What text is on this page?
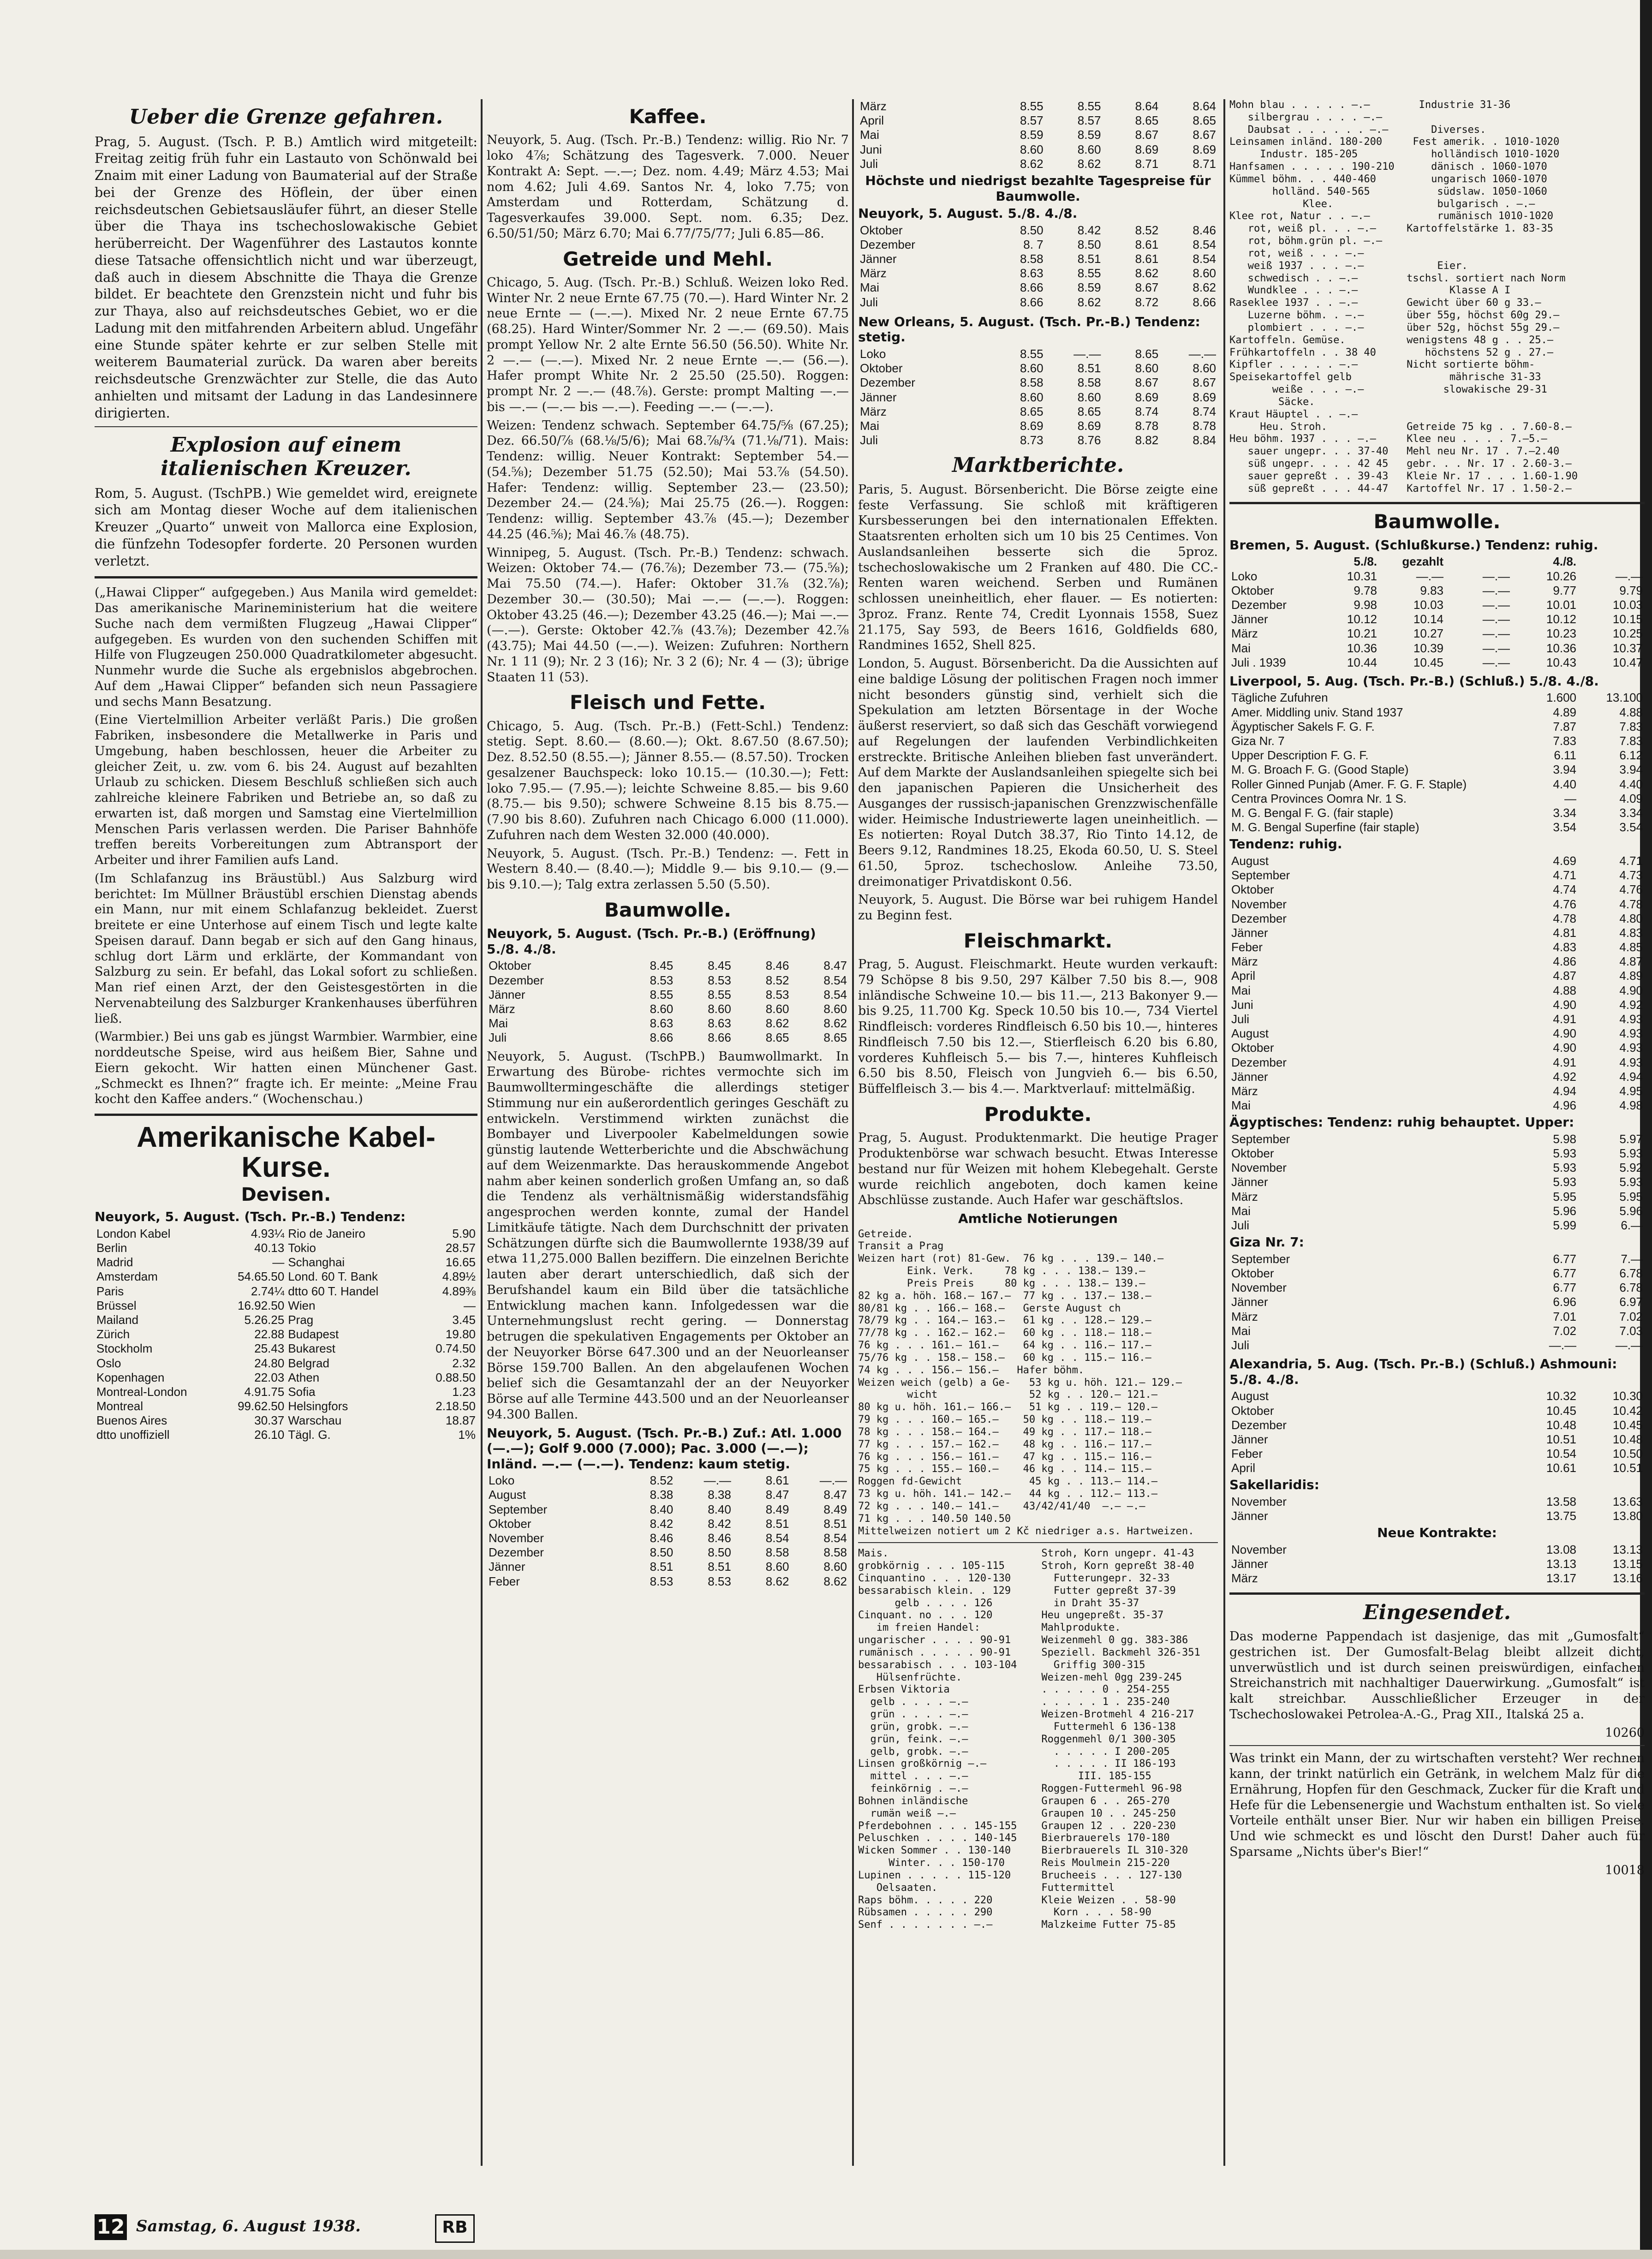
Ueber die Grenze gefahren.
Prag, 5. August. (Tsch. P. B.) Amtlich wird mitgeteilt: Freitag zeitig früh fuhr ein Lastauto von Schönwald bei Znaim mit einer Ladung von Baumaterial auf der Straße bei der Grenze des Höflein, der über einen reichsdeutschen Gebietsausläufer führt, an dieser Stelle über die Thaya ins tschechoslowakische Gebiet herüberreicht. Der Wagenführer des Lastautos konnte diese Tatsache offensichtlich nicht und war überzeugt, daß auch in diesem Abschnitte die Thaya die Grenze bildet. Er beachtete den Grenzstein nicht und fuhr bis zur Thaya, also auf reichsdeutsches Gebiet, wo er die Ladung mit den mitfahrenden Arbeitern ablud. Ungefähr eine Stunde später kehrte er zur selben Stelle mit weiterem Baumaterial zurück. Da waren aber bereits reichsdeutsche Grenzwächter zur Stelle, die das Auto anhielten und mitsamt der Ladung in das Landesinnere dirigierten.
Explosion auf einem italienischen Kreuzer.
Rom, 5. August. (TschPB.) Wie gemeldet wird, ereignete sich am Montag dieser Woche auf dem italienischen Kreuzer „Quarto“ unweit von Mallorca eine Explosion, die fünfzehn Todesopfer forderte. 20 Personen wurden verletzt.
(„Hawai Clipper“ aufgegeben.) Aus Manila wird gemeldet: Das amerikanische Marineministerium hat die weitere Suche nach dem vermißten Flugzeug „Hawai Clipper“ aufgegeben. Es wurden von den suchenden Schiffen mit Hilfe von Flugzeugen 250.000 Quadratkilometer abgesucht. Nunmehr wurde die Suche als ergebnislos abgebrochen. Auf dem „Hawai Clipper“ befanden sich neun Passagiere und sechs Mann Besatzung.
(Eine Viertelmillion Arbeiter verläßt Paris.) Die großen Fabriken, insbesondere die Metallwerke in Paris und Umgebung, haben beschlossen, heuer die Arbeiter zu gleicher Zeit, u. zw. vom 6. bis 24. August auf bezahlten Urlaub zu schicken. Diesem Beschluß schließen sich auch zahlreiche kleinere Fabriken und Betriebe an, so daß zu erwarten ist, daß morgen und Samstag eine Viertelmillion Menschen Paris verlassen werden. Die Pariser Bahnhöfe treffen bereits Vorbereitungen zum Abtransport der Arbeiter und ihrer Familien aufs Land.
(Im Schlafanzug ins Bräustübl.) Aus Salzburg wird berichtet: Im Müllner Bräustübl erschien Dienstag abends ein Mann, nur mit einem Schlafanzug bekleidet. Zuerst breitete er eine Unterhose auf einem Tisch und legte kalte Speisen darauf. Dann begab er sich auf den Gang hinaus, schlug dort Lärm und erklärte, der Kommandant von Salzburg zu sein. Er befahl, das Lokal sofort zu schließen. Man rief einen Arzt, der den Geistesgestörten in die Nervenabteilung des Salzburger Krankenhauses überführen ließ.
(Warmbier.) Bei uns gab es jüngst Warmbier. Warmbier, eine norddeutsche Speise, wird aus heißem Bier, Sahne und Eiern gekocht. Wir hatten einen Münchener Gast. „Schmeckt es Ihnen?“ fragte ich. Er meinte: „Meine Frau kocht den Kaffee anders.“ (Wochenschau.)
Amerikanische Kabel-Kurse.
Devisen.
Neuyork, 5. August. (Tsch. Pr.-B.) Tendenz:
London Kabel	4.93¼	Rio de Janeiro	5.90
Berlin	40.13	Tokio	28.57
Madrid	—	Schanghai	16.65
Amsterdam	54.65.50	Lond. 60 T. Bank	4.89½
Paris	2.74¼	dtto 60 T. Handel	4.89⅜
Brüssel	16.92.50	Wien	—
Mailand	5.26.25	Prag	3.45
Zürich	22.88	Budapest	19.80
Stockholm	25.43	Bukarest	0.74.50
Oslo	24.80	Belgrad	2.32
Kopenhagen	22.03	Athen	0.88.50
Montreal-London	4.91.75	Sofia	1.23
Montreal	99.62.50	Helsingfors	2.18.50
Buenos Aires	30.37	Warschau	18.87
dtto unoffiziell	26.10	Tägl. G.	1%
Kaffee.
Neuyork, 5. Aug. (Tsch. Pr.-B.) Tendenz: willig. Rio Nr. 7 loko 4⅞; Schätzung des Tagesverk. 7.000. Neuer Kontrakt A: Sept. —.—; Dez. nom. 4.49; März 4.53; Mai nom 4.62; Juli 4.69. Santos Nr. 4, loko 7.75; von Amsterdam und Rotterdam, Schätzung d. Tagesverkaufes 39.000. Sept. nom. 6.35; Dez. 6.50/51/50; März 6.70; Mai 6.77/75/77; Juli 6.85—86.
Getreide und Mehl.
Chicago, 5. Aug. (Tsch. Pr.-B.) Schluß. Weizen loko Red. Winter Nr. 2 neue Ernte 67.75 (70.—). Hard Winter Nr. 2 neue Ernte — (—.—). Mixed Nr. 2 neue Ernte 67.75 (68.25). Hard Winter/Sommer Nr. 2 —.— (69.50). Mais prompt Yellow Nr. 2 alte Ernte 56.50 (56.50). White Nr. 2 —.— (—.—). Mixed Nr. 2 neue Ernte —.— (56.—). Hafer prompt White Nr. 2 25.50 (25.50). Roggen: prompt Nr. 2 —.— (48.⅞). Gerste: prompt Malting —.— bis —.— (—.— bis —.—). Feeding —.— (—.—).
Weizen: Tendenz schwach. September 64.75/⅝ (67.25); Dez. 66.50/⅞ (68.⅛/5/6); Mai 68.⅞/¾ (71.⅛/71). Mais: Tendenz: willig. Neuer Kontrakt: September 54.— (54.⅝); Dezember 51.75 (52.50); Mai 53.⅞ (54.50). Hafer: Tendenz: willig. September 23.— (23.50); Dezember 24.— (24.⅝); Mai 25.75 (26.—). Roggen: Tendenz: willig. September 43.⅞ (45.—); Dezember 44.25 (46.⅝); Mai 46.⅞ (48.75).
Winnipeg, 5. August. (Tsch. Pr.-B.) Tendenz: schwach. Weizen: Oktober 74.— (76.⅞); Dezember 73.— (75.⅝); Mai 75.50 (74.—). Hafer: Oktober 31.⅞ (32.⅞); Dezember 30.— (30.50); Mai —.— (—.—). Roggen: Oktober 43.25 (46.—); Dezember 43.25 (46.—); Mai —.— (—.—). Gerste: Oktober 42.⅞ (43.⅞); Dezember 42.⅞ (43.75); Mai 44.50 (—.—). Weizen: Zufuhren: Northern Nr. 1 11 (9); Nr. 2 3 (16); Nr. 3 2 (6); Nr. 4 — (3); übrige Staaten 11 (53).
Fleisch und Fette.
Chicago, 5. Aug. (Tsch. Pr.-B.) (Fett-Schl.) Tendenz: stetig. Sept. 8.60.— (8.60.—); Okt. 8.67.50 (8.67.50); Dez. 8.52.50 (8.55.—); Jänner 8.55.— (8.57.50). Trocken gesalzener Bauchspeck: loko 10.15.— (10.30.—); Fett: loko 7.95.— (7.95.—); leichte Schweine 8.85.— bis 9.60 (8.75.— bis 9.50); schwere Schweine 8.15 bis 8.75.— (7.90 bis 8.60). Zufuhren nach Chicago 6.000 (11.000). Zufuhren nach dem Westen 32.000 (40.000).
Neuyork, 5. August. (Tsch. Pr.-B.) Tendenz: —. Fett in Western 8.40.— (8.40.—); Middle 9.— bis 9.10.— (9.— bis 9.10.—); Talg extra zerlassen 5.50 (5.50).
Baumwolle.
Neuyork, 5. August. (Tsch. Pr.-B.) (Eröffnung) 5./8. 4./8.
Oktober	8.45	8.45	8.46	8.47
Dezember	8.53	8.53	8.52	8.54
Jänner	8.55	8.55	8.53	8.54
März	8.60	8.60	8.60	8.60
Mai	8.63	8.63	8.62	8.62
Juli	8.66	8.66	8.65	8.65
Neuyork, 5. August. (TschPB.) Baumwollmarkt. In Erwartung des Bürobe- richtes vermochte sich im Baumwolltermingeschäfte die allerdings stetiger Stimmung nur ein außerordentlich geringes Geschäft zu entwickeln. Verstimmend wirkten zunächst die Bombayer und Liverpooler Kabelmeldungen sowie günstig lautende Wetterberichte und die Abschwächung auf dem Weizenmarkte. Das herauskommende Angebot nahm aber keinen sonderlich großen Umfang an, so daß die Tendenz als verhältnismäßig widerstandsfähig angesprochen werden konnte, zumal der Handel Limitkäufe tätigte. Nach dem Durchschnitt der privaten Schätzungen dürfte sich die Baumwollernte 1938/39 auf etwa 11,275.000 Ballen beziffern. Die einzelnen Berichte lauten aber derart unterschiedlich, daß sich der Berufshandel kaum ein Bild über die tatsächliche Entwicklung machen kann. Infolgedessen war die Unternehmungslust recht gering. — Donnerstag betrugen die spekulativen Engagements per Oktober an der Neuyorker Börse 647.300 und an der Neuorleanser Börse 159.700 Ballen. An den abgelaufenen Wochen belief sich die Gesamtanzahl der an der Neuyorker Börse auf alle Termine 443.500 und an der Neuorleanser 94.300 Ballen.
Neuyork, 5. August. (Tsch. Pr.-B.) Zuf.: Atl. 1.000 (—.—); Golf 9.000 (7.000); Pac. 3.000 (—.—); Inländ. —.— (—.—). Tendenz: kaum stetig.
Loko	8.52	—.—	8.61	—.—
August	8.38	8.38	8.47	8.47
September	8.40	8.40	8.49	8.49
Oktober	8.42	8.42	8.51	8.51
November	8.46	8.46	8.54	8.54
Dezember	8.50	8.50	8.58	8.58
Jänner	8.51	8.51	8.60	8.60
Feber	8.53	8.53	8.62	8.62
März	8.55	8.55	8.64	8.64
April	8.57	8.57	8.65	8.65
Mai	8.59	8.59	8.67	8.67
Juni	8.60	8.60	8.69	8.69
Juli	8.62	8.62	8.71	8.71
Höchste und niedrigst bezahlte Tagespreise für Baumwolle.
Neuyork, 5. August. 5./8. 4./8.
Oktober	8.50	8.42	8.52	8.46
Dezember	8. 7	8.50	8.61	8.54
Jänner	8.58	8.51	8.61	8.54
März	8.63	8.55	8.62	8.60
Mai	8.66	8.59	8.67	8.62
Juli	8.66	8.62	8.72	8.66
New Orleans, 5. August. (Tsch. Pr.-B.) Tendenz: stetig.
Loko	8.55	—.—	8.65	—.—
Oktober	8.60	8.51	8.60	8.60
Dezember	8.58	8.58	8.67	8.67
Jänner	8.60	8.60	8.69	8.69
März	8.65	8.65	8.74	8.74
Mai	8.69	8.69	8.78	8.78
Juli	8.73	8.76	8.82	8.84
Marktberichte.
Paris, 5. August. Börsenbericht. Die Börse zeigte eine feste Verfassung. Sie schloß mit kräftigeren Kursbesserungen bei den internationalen Effekten. Staatsrenten erholten sich um 10 bis 25 Centimes. Von Auslandsanleihen besserte sich die 5proz. tschechoslowakische um 2 Franken auf 480. Die CC.-Renten waren weichend. Serben und Rumänen schlossen uneinheitlich, eher flauer. — Es notierten: 3proz. Franz. Rente 74, Credit Lyonnais 1558, Suez 21.175, Say 593, de Beers 1616, Goldfields 680, Randmines 1652, Shell 825.
London, 5. August. Börsenbericht. Da die Aussichten auf eine baldige Lösung der politischen Fragen noch immer nicht besonders günstig sind, verhielt sich die Spekulation am letzten Börsentage in der Woche äußerst reserviert, so daß sich das Geschäft vorwiegend auf Regelungen der laufenden Verbindlichkeiten erstreckte. Britische Anleihen blieben fast unverändert. Auf dem Markte der Auslandsanleihen spiegelte sich bei den japanischen Papieren die Unsicherheit des Ausganges der russisch-japanischen Grenzzwischenfälle wider. Heimische Industriewerte lagen uneinheitlich. — Es notierten: Royal Dutch 38.37, Rio Tinto 14.12, de Beers 9.12, Randmines 18.25, Ekoda 60.50, U. S. Steel 61.50, 5proz. tschechoslow. Anleihe 73.50, dreimonatiger Privatdiskont 0.56.
Neuyork, 5. August. Die Börse war bei ruhigem Handel zu Beginn fest.
Fleischmarkt.
Prag, 5. August. Fleischmarkt. Heute wurden verkauft: 79 Schöpse 8 bis 9.50, 297 Kälber 7.50 bis 8.—, 908 inländische Schweine 10.— bis 11.—, 213 Bakonyer 9.— bis 9.25, 11.700 Kg. Speck 10.50 bis 10.—, 734 Viertel Rindfleisch: vorderes Rindfleisch 6.50 bis 10.—, hinteres Rindfleisch 7.50 bis 12.—, Stierfleisch 6.20 bis 6.80, vorderes Kuhfleisch 5.— bis 7.—, hinteres Kuhfleisch 6.50 bis 8.50, Fleisch von Jungvieh 6.— bis 6.50, Büffelfleisch 3.— bis 4.—. Marktverlauf: mittelmäßig.
Produkte.
Prag, 5. August. Produktenmarkt. Die heutige Prager Produktenbörse war schwach besucht. Etwas Interesse bestand nur für Weizen mit hohem Klebegehalt. Gerste wurde reichlich angeboten, doch kamen keine Abschlüsse zustande. Auch Hafer war geschäftslos.
Amtliche Notierungen
Getreide.
Transit a Prag
Weizen hart (rot) 81-Gew.  76 kg . . . 139.— 140.—
Eink. Verk.     78 kg . . . 138.— 139.—
Preis Preis     80 kg . . . 138.— 139.—
82 kg a. höh. 168.— 167.—  77 kg . . 137.— 138.—
80/81 kg . . 166.— 168.—   Gerste August ch
78/79 kg . . 164.— 163.—   61 kg . . 128.— 129.—
77/78 kg . . 162.— 162.—   60 kg . . 118.— 118.—
76 kg . . . 161.— 161.—    64 kg . . 116.— 117.—
75/76 kg . . 158.— 158.—   60 kg . . 115.— 116.—
74 kg . . . 156.— 156.—   Hafer böhm.
Weizen weich (gelb) a Ge-   53 kg u. höh. 121.— 129.—
wicht               52 kg . . 120.— 121.—
80 kg u. höh. 161.— 166.—   51 kg . . 119.— 120.—
79 kg . . . 160.— 165.—    50 kg . . 118.— 119.—
78 kg . . . 158.— 164.—    49 kg . . 117.— 118.—
77 kg . . . 157.— 162.—    48 kg . . 116.— 117.—
76 kg . . . 156.— 161.—    47 kg . . 115.— 116.—
75 kg . . . 155.— 160.—    46 kg . . 114.— 115.—
Roggen fd-Gewicht           45 kg . . 113.— 114.—
73 kg u. höh. 141.— 142.—   44 kg . . 112.— 113.—
72 kg . . . 140.— 141.—    43/42/41/40  —.— —.—
71 kg . . . 140.50 140.50
Mittelweizen notiert um 2 Kč niedriger a.s. Hartweizen.
Mais.                         Stroh, Korn ungepr. 41-43
grobkörnig . . . 105-115      Stroh, Korn gepreßt 38-40
Cinquantino . . . 120-130       Futterungepr. 32-33
bessarabisch klein. . 129       Futter gepreßt 37-39
gelb . . . . 126          in Draht 35-37
Cinquant. no . . . 120        Heu ungepreßt. 35-37
im freien Handel:          Mahlprodukte.
ungarischer . . . . 90-91     Weizenmehl 0 gg. 383-386
rumänisch . . . . . 90-91     Speziell. Backmehl 326-351
bessarabisch . . . 103-104      Griffig 300-315
Hülsenfrüchte.             Weizen-mehl 0gg 239-245
Erbsen Viktoria               . . . . . 0 . 254-255
gelb . . . . —.—            . . . . . 1 . 235-240
grün . . . . —.—            Weizen-Brotmehl 4 216-217
grün, grobk. —.—              Futtermehl 6 136-138
grün, feink. —.—            Roggenmehl 0/1 300-305
gelb, grobk. —.—              . . . . . I 200-205
Linsen großkörnig —.—           . . . . . II 186-193
mittel . . . —.—                  III. 185-155
feinkörnig . —.—            Roggen-Futtermehl 96-98
Bohnen inländische            Graupen 6 . . 265-270
rumän weiß —.—              Graupen 10 . . 245-250
Pferdebohnen . . . 145-155    Graupen 12 . . 220-230
Peluschken . . . . 140-145    Bierbrauerels 170-180
Wicken Sommer . . 130-140     Bierbrauerels IL 310-320
Winter. . . 150-170      Reis Moulmein 215-220
Lupinen . . . . . 115-120     Brucheeis . . . 127-130
Oelsaaten.                 Futtermittel
Raps böhm. . . . . 220        Kleie Weizen . . 58-90
Rübsamen . . . . . 290          Korn . . . 58-90
Senf . . . . . . . —.—        Malzkeime Futter 75-85
Mohn blau . . . . . —.—        Industrie 31-36
silbergrau . . . . —.—
Daubsat . . . . . . —.—       Diverses.
Leinsamen inländ. 180-200     Fest amerik. . 1010-1020
Industr. 185-205            holländisch 1010-1020
Hanfsamen . . . . . 190-210      dänisch . 1060-1070
Kümmel böhm. . . 440-460         ungarisch 1060-1070
holländ. 540-565           südslaw. 1050-1060
Klee.                 bulgarisch . —.—
Klee rot, Natur . . —.—           rumänisch 1010-1020
rot, weiß pl. . . —.—     Kartoffelstärke 1. 83-35
rot, böhm.grün pl. —.—
rot, weiß . . . —.—
weiß 1937 . . . —.—            Eier.
schwedisch . . —.—        tschsl. sortiert nach Norm
Wundklee . . . —.—               Klasse A I
Raseklee 1937 . . —.—        Gewicht über 60 g 33.—
Luzerne böhm. . —.—       über 55g, höchst 60g 29.—
plombiert . . . —.—       über 52g, höchst 55g 29.—
Kartoffeln. Gemüse.          wenigstens 48 g . . 25.—
Frühkartoffeln . . 38 40        höchstens 52 g . 27.—
Kipfler . . . . . —.—        Nicht sortierte böhm-
Speisekartoffel gelb                mährische 31-33
weiße . . . —.—             slowakische 29-31
Säcke.
Kraut Häuptel . . —.—
Heu. Stroh.             Getreide 75 kg . . 7.60-8.—
Heu böhm. 1937 . . . —.—     Klee neu . . . . 7.—5.—
sauer ungepr. . . 37-40   Mehl neu Nr. 17 . 7.—2.40
süß ungepr. . . . 42 45   gebr. . . Nr. 17 . 2.60-3.—
sauer gepreßt . . 39-43   Kleie Nr. 17 . . . 1.60-1.90
süß gepreßt . . . 44-47   Kartoffel Nr. 17 . 1.50-2.—
Baumwolle.
Bremen, 5. August. (Schlußkurse.) Tendenz: ruhig.
	5./8.	gezahlt		4./8.	
Loko	10.31	—.—	—.—	10.26	—.—
Oktober	9.78	9.83	—.—	9.77	9.79
Dezember	9.98	10.03	—.—	10.01	10.03
Jänner	10.12	10.14	—.—	10.12	10.15
März	10.21	10.27	—.—	10.23	10.25
Mai	10.36	10.39	—.—	10.36	10.37
Juli . 1939	10.44	10.45	—.—	10.43	10.47
Liverpool, 5. Aug. (Tsch. Pr.-B.) (Schluß.) 5./8. 4./8.
Tägliche Zufuhren	1.600	13.100
Amer. Middling univ. Stand 1937	4.89	4.88
Ägyptischer Sakels F. G. F.	7.87	7.83
Giza Nr. 7	7.83	7.83
Upper Description F. G. F.	6.11	6.12
M. G. Broach F. G. (Good Staple)	3.94	3.94
Roller Ginned Punjab (Amer. F. G. F. Staple)	4.40	4.40
Centra Provinces Oomra Nr. 1 S.	—	4.09
M. G. Bengal F. G. (fair staple)	3.34	3.34
M. G. Bengal Superfine (fair staple)	3.54	3.54
Tendenz: ruhig.
August	4.69	4.71
September	4.71	4.73
Oktober	4.74	4.76
November	4.76	4.78
Dezember	4.78	4.80
Jänner	4.81	4.83
Feber	4.83	4.85
März	4.86	4.87
April	4.87	4.89
Mai	4.88	4.90
Juni	4.90	4.92
Juli	4.91	4.93
August	4.90	4.93
Oktober	4.90	4.93
Dezember	4.91	4.93
Jänner	4.92	4.94
März	4.94	4.95
Mai	4.96	4.98
Ägyptisches: Tendenz: ruhig behauptet. Upper:
September	5.98	5.97
Oktober	5.93	5.93
November	5.93	5.92
Jänner	5.93	5.93
März	5.95	5.95
Mai	5.96	5.96
Juli	5.99	6.—
Giza Nr. 7:
September	6.77	7.—
Oktober	6.77	6.78
November	6.77	6.78
Jänner	6.96	6.97
März	7.01	7.02
Mai	7.02	7.03
Juli	—.—	—.—
Alexandria, 5. Aug. (Tsch. Pr.-B.) (Schluß.) Ashmouni: 5./8. 4./8.
August	10.32	10.30
Oktober	10.45	10.42
Dezember	10.48	10.45
Jänner	10.51	10.48
Feber	10.54	10.50
April	10.61	10.51
Sakellaridis:
November	13.58	13.63
Jänner	13.75	13.80
Neue Kontrakte:
November	13.08	13.13
Jänner	13.13	13.15
März	13.17	13.16
Eingesendet.
Das moderne Pappendach ist dasjenige, das mit „Gumosfalt“ gestrichen ist. Der Gumosfalt-Belag bleibt allzeit dicht, unverwüstlich und ist durch seinen preiswürdigen, einfachen Streichanstrich mit nachhaltiger Dauerwirkung. „Gumosfalt“ ist kalt streichbar. Ausschließlicher Erzeuger in der Tschechoslowakei Petrolea-A.-G., Prag XII., Italská 25 a.
10260
Was trinkt ein Mann, der zu wirtschaften versteht? Wer rechnen kann, der trinkt natürlich ein Getränk, in welchem Malz für die Ernährung, Hopfen für den Geschmack, Zucker für die Kraft und Hefe für die Lebensenergie und Wachstum enthalten ist. So viele Vorteile enthält unser Bier. Nur wir haben ein billigen Preise. Und wie schmeckt es und löscht den Durst! Daher auch für Sparsame „Nichts über's Bier!“
10018
12 Samstag, 6. August 1938.	RB
